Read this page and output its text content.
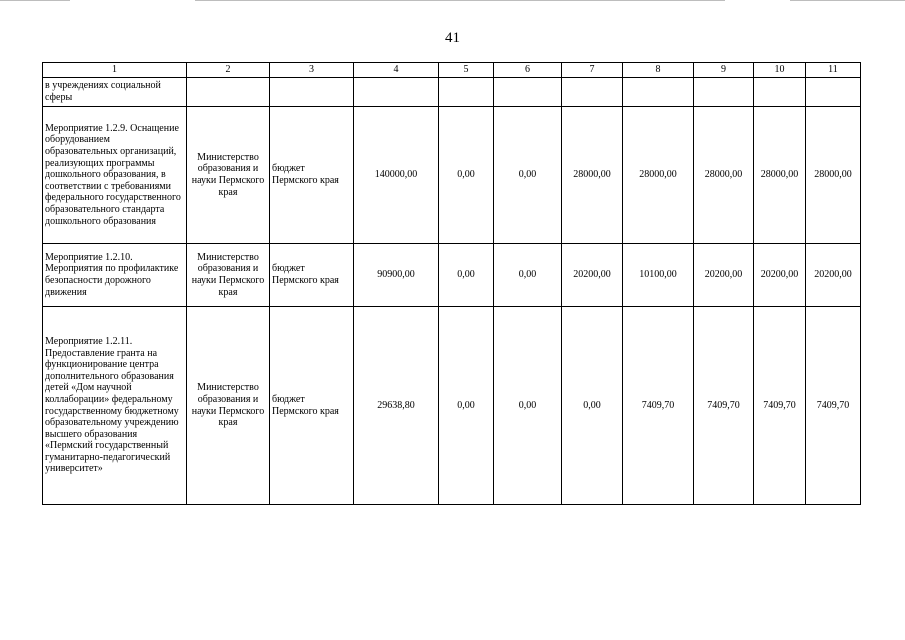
41
1	2	3	4	5	6	7	8	9	10	11
в учреждениях социальной сферы										
Мероприятие 1.2.9. Оснащение оборудованием образовательных организаций, реализующих программы дошкольного образования, в соответствии с требованиями федерального государственного образовательного стандарта дошкольного образования	Министерство образования и науки Пермского края	бюджет Пермского края	140000,00	0,00	0,00	28000,00	28000,00	28000,00	28000,00	28000,00
Мероприятие 1.2.10. Мероприятия по профилактике безопасности дорожного движения	Министерство образования и науки Пермского края	бюджет Пермского края	90900,00	0,00	0,00	20200,00	10100,00	20200,00	20200,00	20200,00
Мероприятие 1.2.11. Предоставление гранта на функционирование центра дополнительного образования детей «Дом научной коллаборации» федеральному государственному бюджетному образовательному учреждению высшего образования «Пермский государственный гуманитарно-педагогический университет»	Министерство образования и науки Пермского края	бюджет Пермского края	29638,80	0,00	0,00	0,00	7409,70	7409,70	7409,70	7409,70
